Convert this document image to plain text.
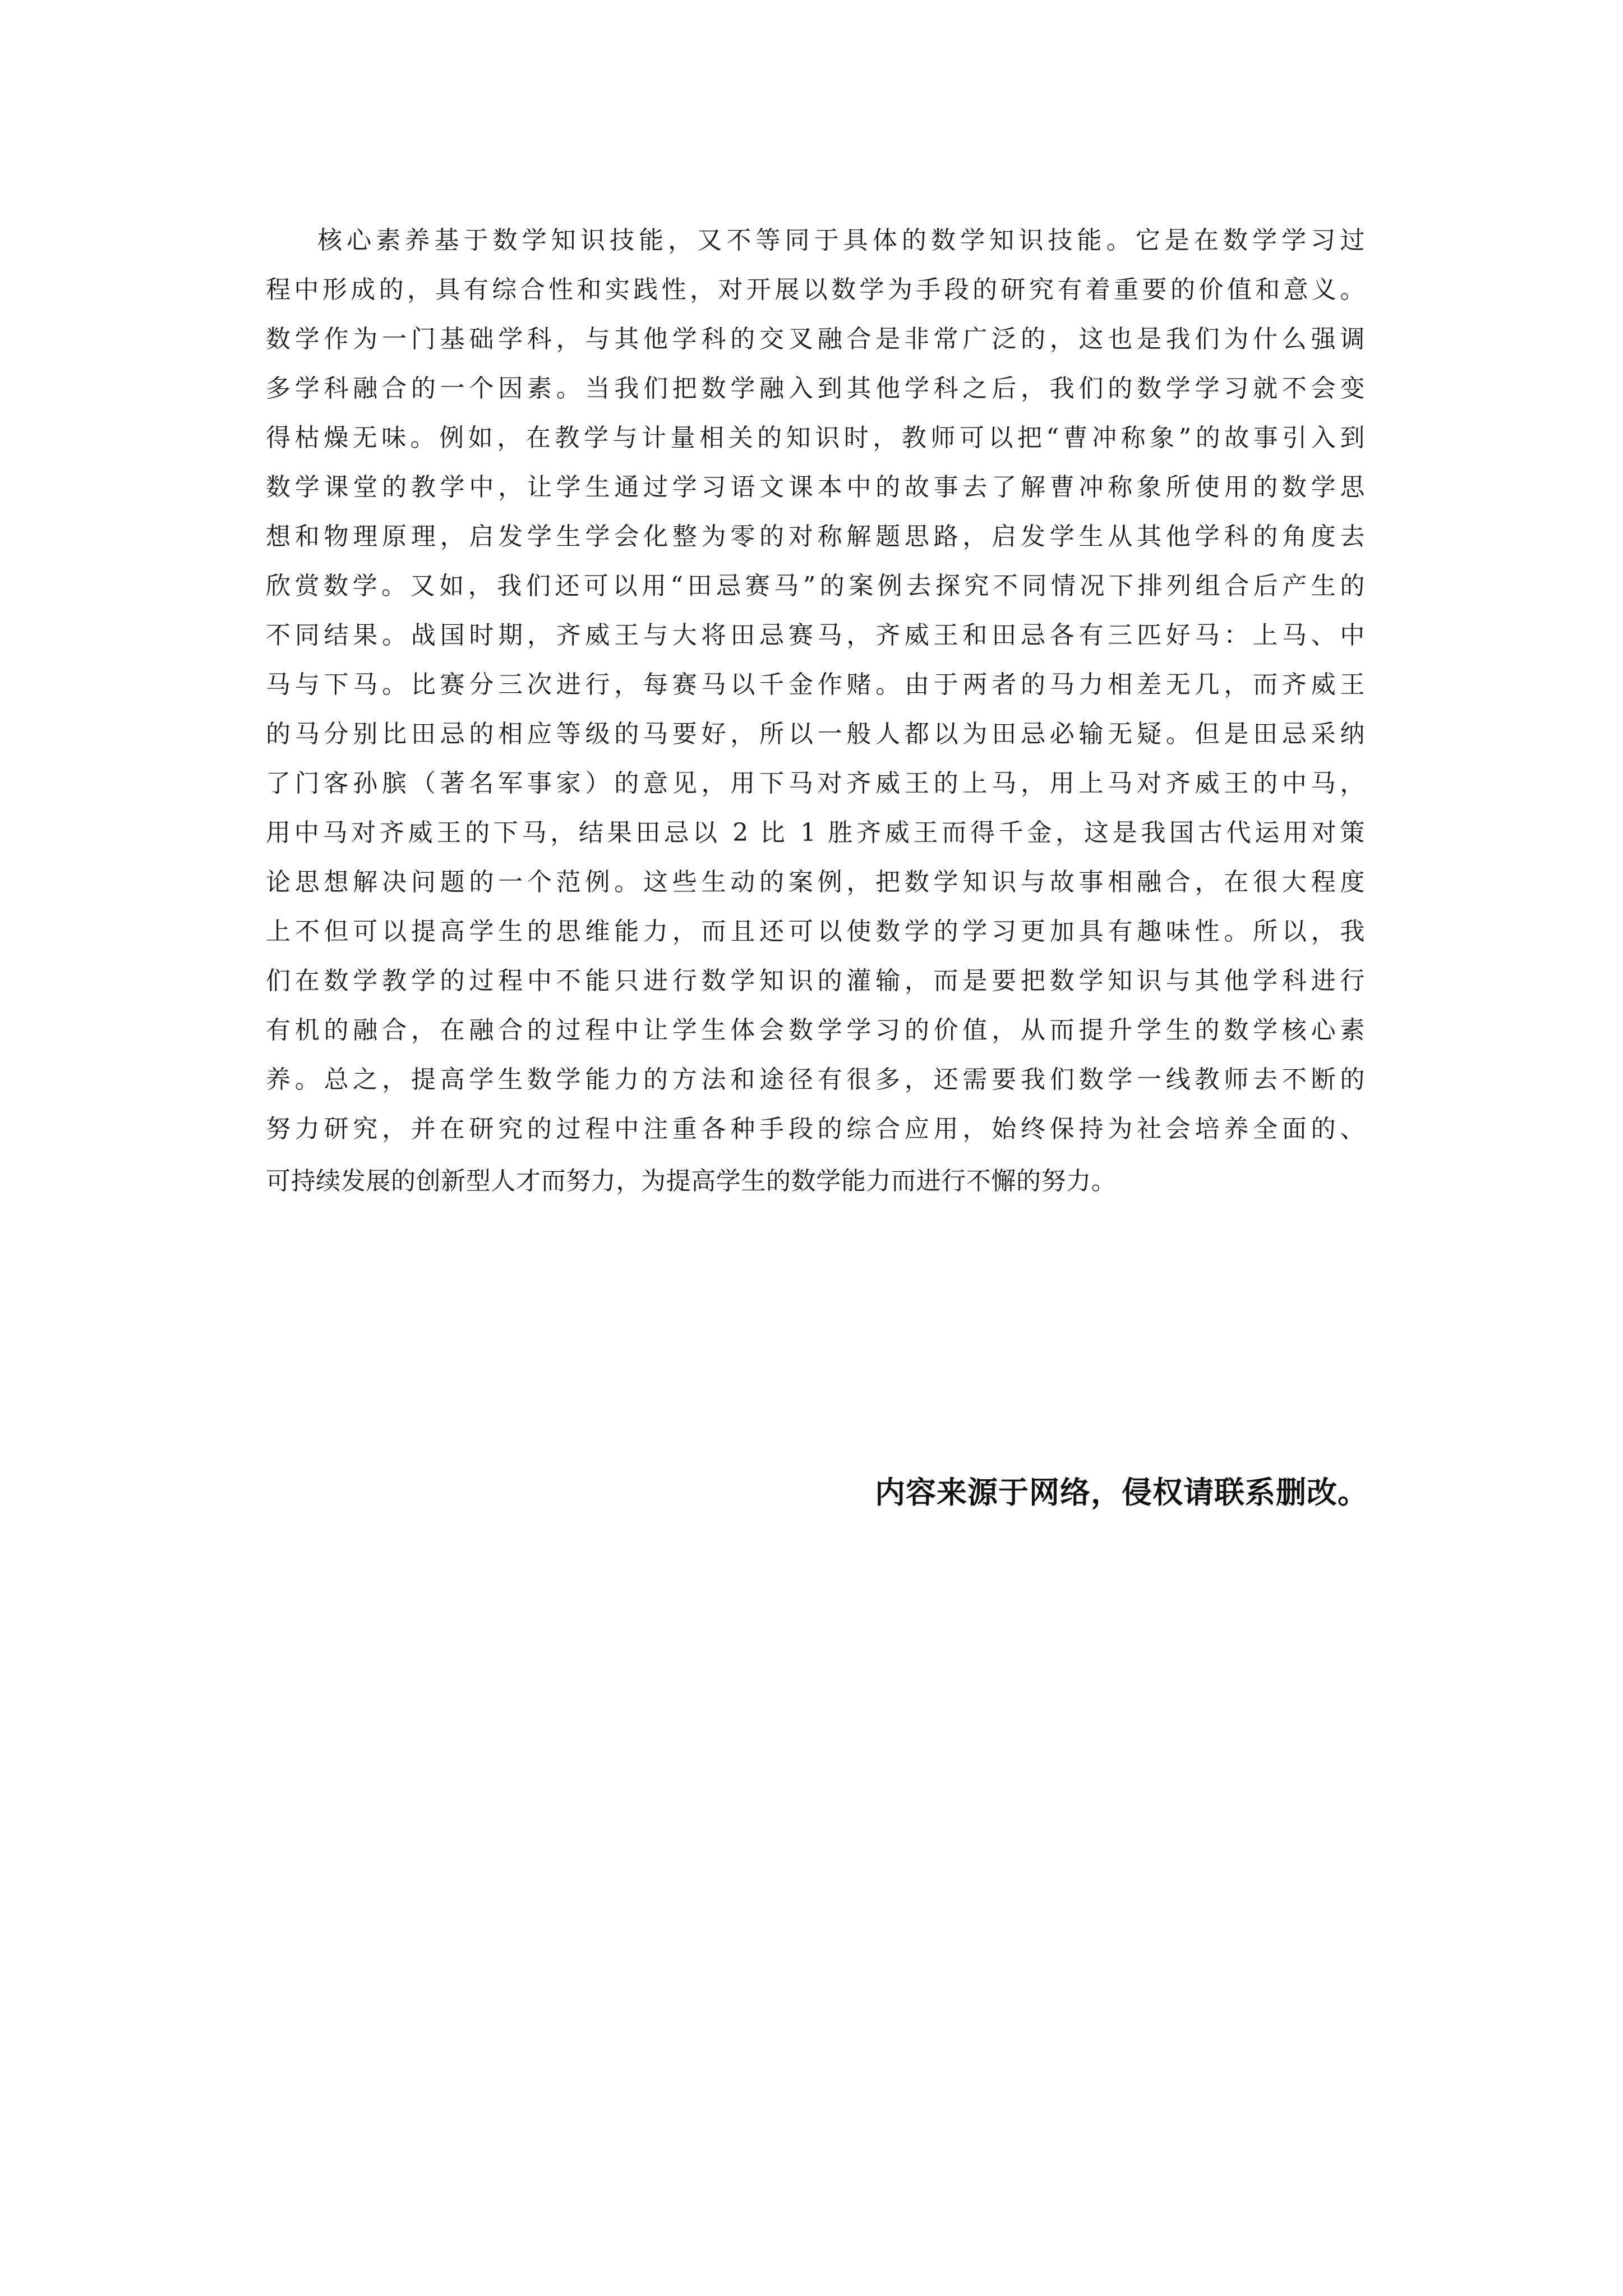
核心素养基于数学知识技能，又不等同于具体的数学知识技能。它是在数学学习过
程中形成的，具有综合性和实践性，对开展以数学为手段的研究有着重要的价值和意义。
数学作为一门基础学科，与其他学科的交叉融合是非常广泛的，这也是我们为什么强调
多学科融合的一个因素。当我们把数学融入到其他学科之后，我们的数学学习就不会变
得枯燥无味。例如，在教学与计量相关的知识时，教师可以把“曹冲称象”的故事引入到
数学课堂的教学中，让学生通过学习语文课本中的故事去了解曹冲称象所使用的数学思
想和物理原理，启发学生学会化整为零的对称解题思路，启发学生从其他学科的角度去
欣赏数学。又如，我们还可以用“田忌赛马”的案例去探究不同情况下排列组合后产生的
不同结果。战国时期，齐威王与大将田忌赛马，齐威王和田忌各有三匹好马：上马、中
马与下马。比赛分三次进行，每赛马以千金作赌。由于两者的马力相差无几，而齐威王
的马分别比田忌的相应等级的马要好，所以一般人都以为田忌必输无疑。但是田忌采纳
了门客孙膑（著名军事家）的意见，用下马对齐威王的上马，用上马对齐威王的中马，
用中马对齐威王的下马，结果田忌以 2 比 1 胜齐威王而得千金，这是我国古代运用对策
论思想解决问题的一个范例。这些生动的案例，把数学知识与故事相融合，在很大程度
上不但可以提高学生的思维能力，而且还可以使数学的学习更加具有趣味性。所以，我
们在数学教学的过程中不能只进行数学知识的灌输，而是要把数学知识与其他学科进行
有机的融合，在融合的过程中让学生体会数学学习的价值，从而提升学生的数学核心素
养。总之，提高学生数学能力的方法和途径有很多，还需要我们数学一线教师去不断的
努力研究，并在研究的过程中注重各种手段的综合应用，始终保持为社会培养全面的、
可持续发展的创新型人才而努力，为提高学生的数学能力而进行不懈的努力。
内容来源于网络，侵权请联系删改。
